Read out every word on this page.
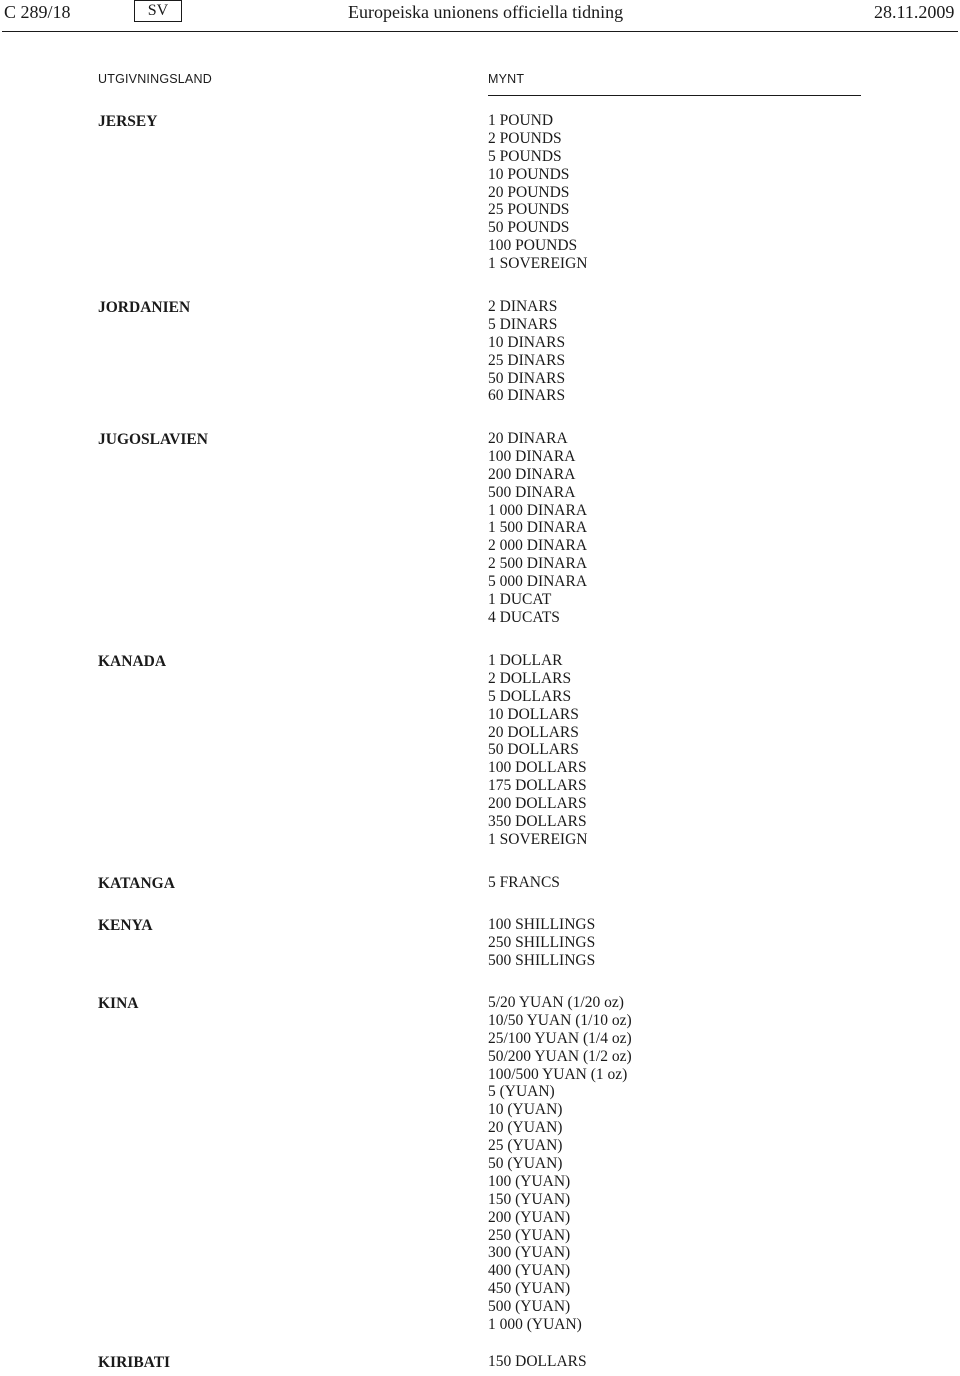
C 289/18	SV	Europeiska unionens officiella tidning	28.11.2009
UTGIVNINGSLAND	MYNT
JERSEY	1 POUND
2 POUNDS
5 POUNDS
10 POUNDS
20 POUNDS
25 POUNDS
50 POUNDS
100 POUNDS
1 SOVEREIGN
JORDANIEN	2 DINARS
5 DINARS
10 DINARS
25 DINARS
50 DINARS
60 DINARS
JUGOSLAVIEN	20 DINARA
100 DINARA
200 DINARA
500 DINARA
1 000 DINARA
1 500 DINARA
2 000 DINARA
2 500 DINARA
5 000 DINARA
1 DUCAT
4 DUCATS
KANADA	1 DOLLAR
2 DOLLARS
5 DOLLARS
10 DOLLARS
20 DOLLARS
50 DOLLARS
100 DOLLARS
175 DOLLARS
200 DOLLARS
350 DOLLARS
1 SOVEREIGN
KATANGA	5 FRANCS
KENYA	100 SHILLINGS
250 SHILLINGS
500 SHILLINGS
KINA	5/20 YUAN (1/20 oz)
10/50 YUAN (1/10 oz)
25/100 YUAN (1/4 oz)
50/200 YUAN (1/2 oz)
100/500 YUAN (1 oz)
5 (YUAN)
10 (YUAN)
20 (YUAN)
25 (YUAN)
50 (YUAN)
100 (YUAN)
150 (YUAN)
200 (YUAN)
250 (YUAN)
300 (YUAN)
400 (YUAN)
450 (YUAN)
500 (YUAN)
1 000 (YUAN)
KIRIBATI	150 DOLLARS
